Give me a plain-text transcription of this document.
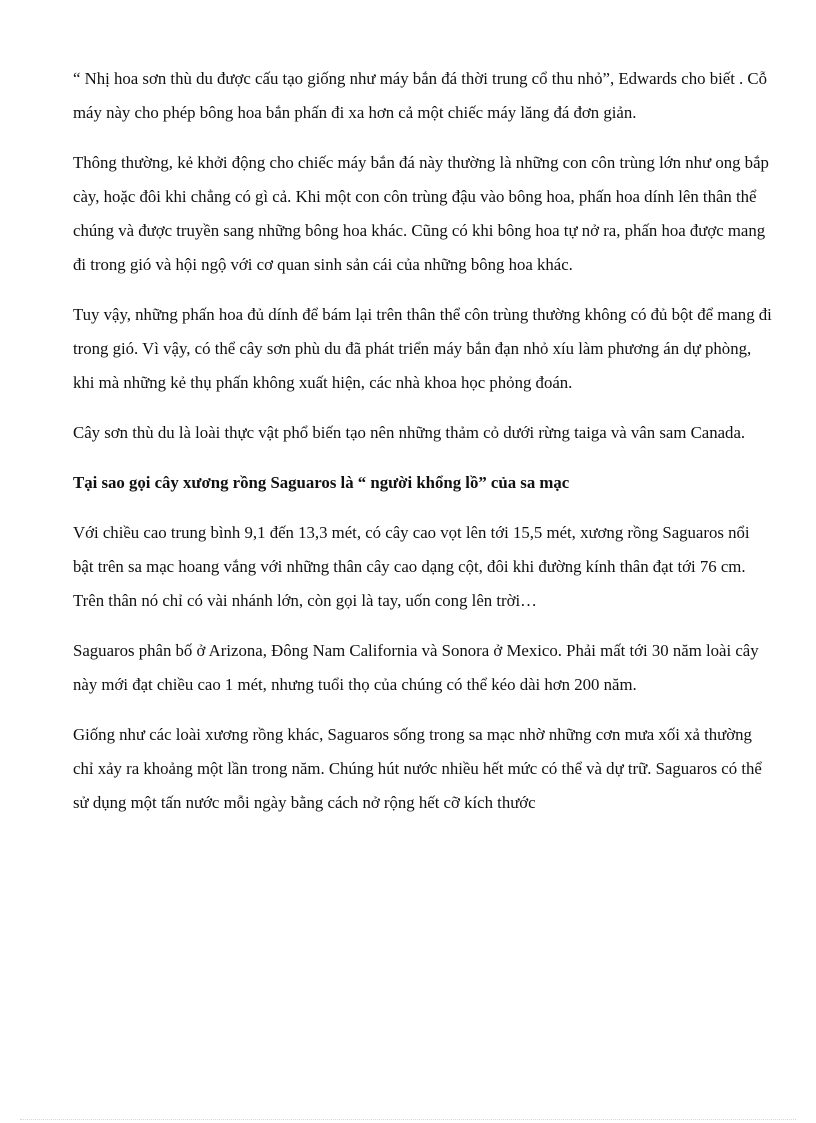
“ Nhị hoa sơn thù du được cấu tạo giống như máy bắn đá thời trung cổ thu nhỏ”, Edwards cho biết . Cỗ máy này cho phép bông hoa bắn phấn đi xa hơn cả một chiếc máy lăng đá đơn giản.

Thông thường, kẻ khởi động cho chiếc máy bắn đá này thường là những con côn trùng lớn như ong bắp cày, hoặc đôi khi chẳng có gì cả. Khi một con côn trùng đậu vào bông hoa, phấn hoa dính lên thân thể chúng và được truyền sang những bông hoa khác. Cũng có khi bông hoa tự nở ra, phấn hoa được mang đi trong gió và hội ngộ với cơ quan sinh sản cái của những bông hoa khác.

Tuy vậy, những phấn hoa đủ dính để bám lại trên thân thể côn trùng thường không có đủ bột để mang đi trong gió. Vì vậy, có thể cây sơn phù du đã phát triển máy bắn đạn nhỏ xíu làm phương án dự phòng, khi mà những kẻ thụ phấn không xuất hiện, các nhà khoa học phỏng đoán.

Cây sơn thù du là loài thực vật phổ biến tạo nên những thảm cỏ dưới rừng taiga và vân sam Canada.

Tại sao gọi cây xương rồng Saguaros là “ người khổng lồ” của sa mạc

Với chiều cao trung bình 9,1 đến 13,3 mét, có cây cao vọt lên tới 15,5 mét, xương rồng Saguaros nổi bật trên sa mạc hoang vắng với những thân cây cao dạng cột, đôi khi đường kính thân đạt tới 76 cm. Trên thân nó chỉ có vài nhánh lớn, còn gọi là tay, uốn cong lên trời…

Saguaros phân bố ở Arizona, Đông Nam California và Sonora ở Mexico. Phải mất tới 30 năm loài cây này mới đạt chiều cao 1 mét, nhưng tuổi thọ của chúng có thể kéo dài hơn 200 năm.

Giống như các loài xương rồng khác, Saguaros sống trong sa mạc nhờ những cơn mưa xối xả thường chỉ xảy ra khoảng một lần trong năm. Chúng hút nước nhiều hết mức có thể và dự trữ. Saguaros có thể sử dụng một tấn nước mỗi ngày bằng cách nở rộng hết cỡ kích thước
